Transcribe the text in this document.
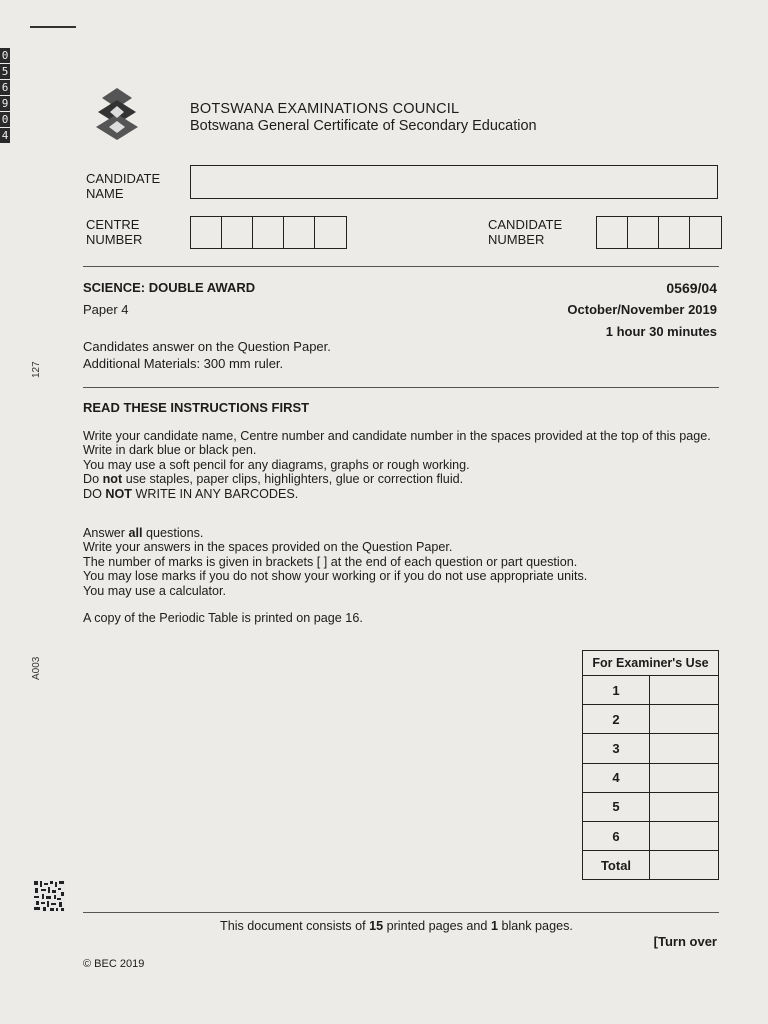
0
5
6
9
0
4
127
A003
BOTSWANA EXAMINATIONS COUNCIL
Botswana General Certificate of Secondary Education
CANDIDATE
NAME
CENTRE
NUMBER
CANDIDATE
NUMBER
SCIENCE: DOUBLE AWARD
Paper 4
0569/04
October/November 2019
1 hour 30 minutes
Candidates answer on the Question Paper.
Additional Materials: 300 mm ruler.
READ THESE INSTRUCTIONS FIRST

Write your candidate name, Centre number and candidate number in the spaces provided at the top of this page.

Write in dark blue or black pen.

You may use a soft pencil for any diagrams, graphs or rough working.

Do not use staples, paper clips, highlighters, glue or correction fluid.

DO NOT WRITE IN ANY BARCODES.

Answer all questions.

Write your answers in the spaces provided on the Question Paper.

The number of marks is given in brackets [ ] at the end of each question or part question.

You may lose marks if you do not show your working or if you do not use appropriate units.

You may use a calculator.

A copy of the Periodic Table is printed on page 16.
For Examiner's Use	
1	
2	
3	
4	
5	
6	
Total	
This document consists of 15 printed pages and 1 blank pages.
[Turn over
© BEC 2019
